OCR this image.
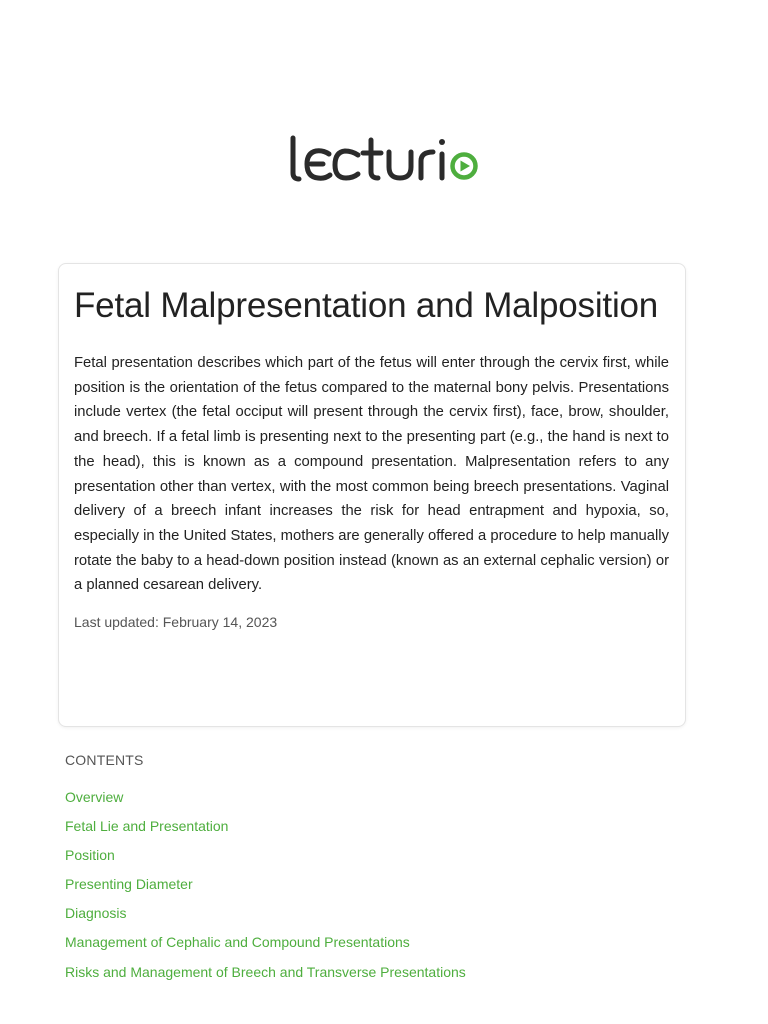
Fetal Malpresentation and Malposition

Fetal presentation describes which part of the fetus will enter through the cervix first, while position is the orientation of the fetus compared to the maternal bony pelvis. Presentations include vertex (the fetal occiput will present through the cervix first), face, brow, shoulder, and breech. If a fetal limb is presenting next to the presenting part (e.g., the hand is next to the head), this is known as a compound presentation. Malpresentation refers to any presentation other than vertex, with the most common being breech presentations. Vaginal delivery of a breech infant increases the risk for head entrapment and hypoxia, so, especially in the United States, mothers are generally offered a procedure to help manually rotate the baby to a head-down position instead (known as an external cephalic version) or a planned cesarean delivery.

Last updated: February 14, 2023
CONTENTS
Overview
Fetal Lie and Presentation
Position
Presenting Diameter
Diagnosis
Management of Cephalic and Compound Presentations
Risks and Management of Breech and Transverse Presentations
